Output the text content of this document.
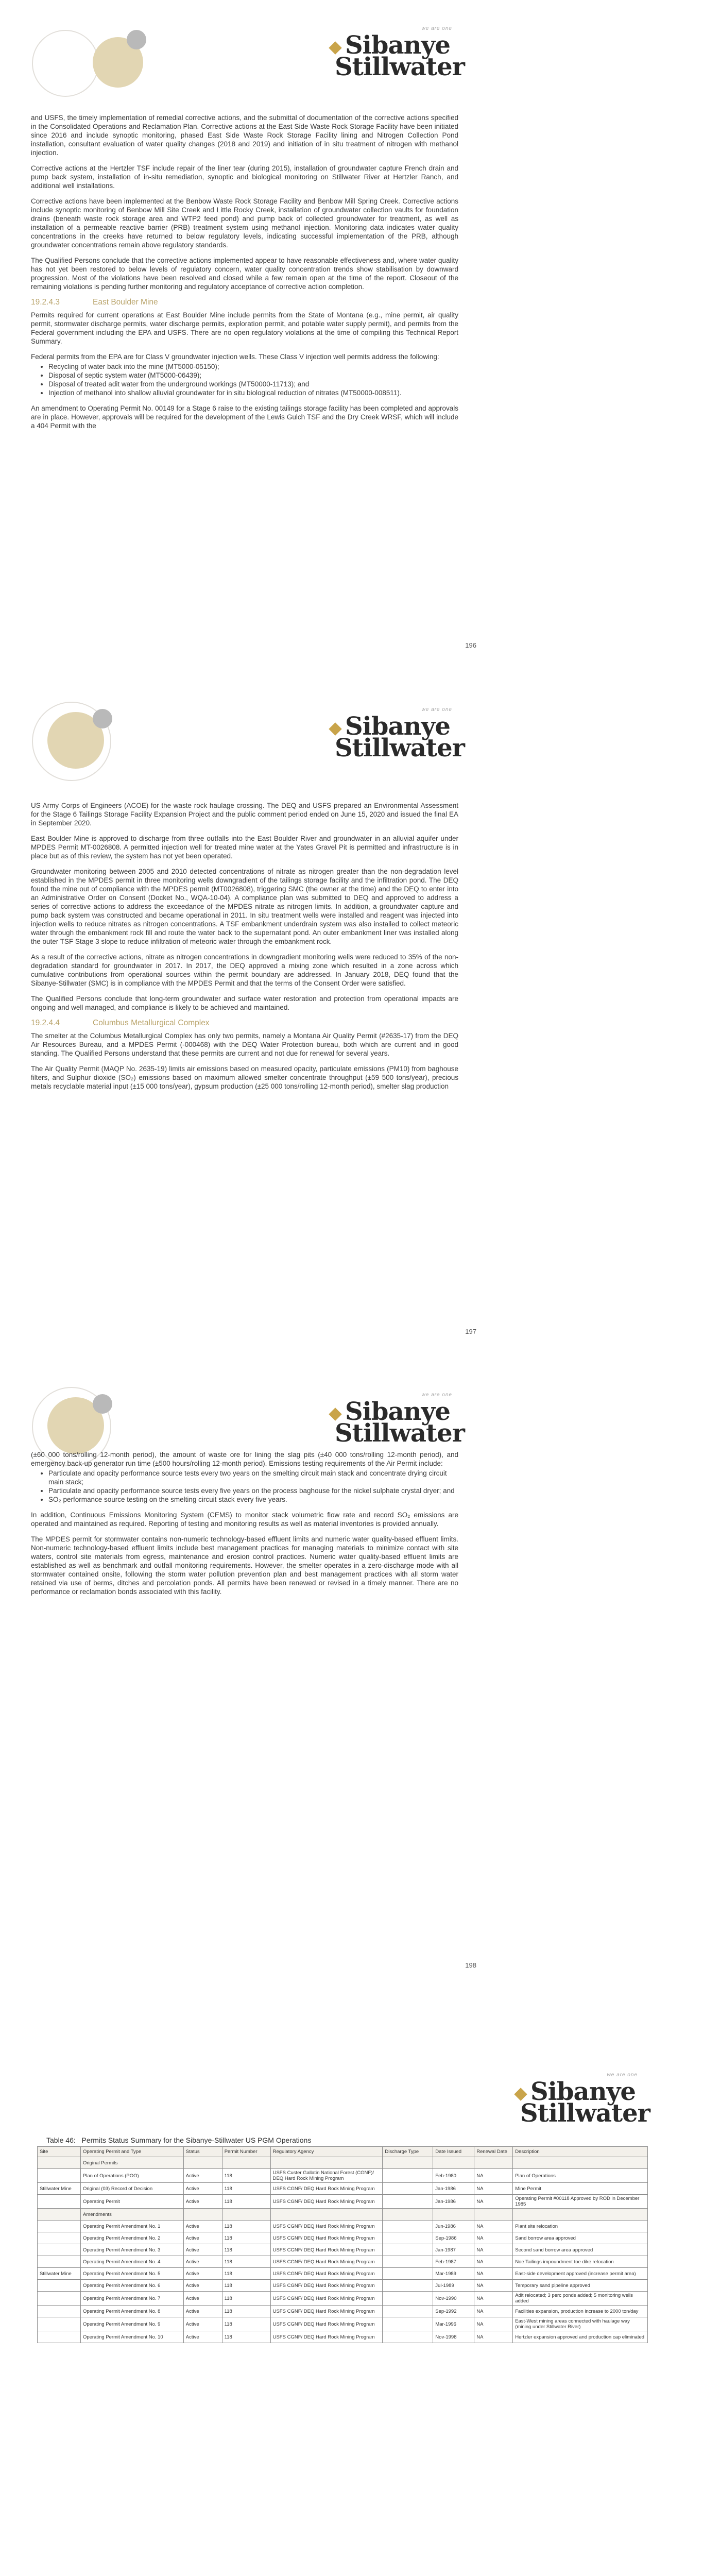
we are one
Sibanye
Stillwater

and USFS, the timely implementation of remedial corrective actions, and the submittal of documentation of the corrective actions specified in the Consolidated Operations and Reclamation Plan. Corrective actions at the East Side Waste Rock Storage Facility have been initiated since 2016 and include synoptic monitoring, phased East Side Waste Rock Storage Facility lining and Nitrogen Collection Pond installation, consultant evaluation of water quality changes (2018 and 2019) and initiation of in situ treatment of nitrogen with methanol injection.

Corrective actions at the Hertzler TSF include repair of the liner tear (during 2015), installation of groundwater capture French drain and pump back system, installation of in-situ remediation, synoptic and biological monitoring on Stillwater River at Hertzler Ranch, and additional well installations.

Corrective actions have been implemented at the Benbow Waste Rock Storage Facility and Benbow Mill Spring Creek. Corrective actions include synoptic monitoring of Benbow Mill Site Creek and Little Rocky Creek, installation of groundwater collection vaults for foundation drains (beneath waste rock storage area and WTP2 feed pond) and pump back of collected groundwater for treatment, as well as installation of a permeable reactive barrier (PRB) treatment system using methanol injection. Monitoring data indicates water quality concentrations in the creeks have returned to below regulatory levels, indicating successful implementation of the PRB, although groundwater concentrations remain above regulatory standards.

The Qualified Persons conclude that the corrective actions implemented appear to have reasonable effectiveness and, where water quality has not yet been restored to below levels of regulatory concern, water quality concentration trends show stabilisation by downward progression. Most of the violations have been resolved and closed while a few remain open at the time of the report. Closeout of the remaining violations is pending further monitoring and regulatory acceptance of corrective action completion.

19.2.4.3	East Boulder Mine

Permits required for current operations at East Boulder Mine include permits from the State of Montana (e.g., mine permit, air quality permit, stormwater discharge permits, water discharge permits, exploration permit, and potable water supply permit), and permits from the Federal government including the EPA and USFS. There are no open regulatory violations at the time of compiling this Technical Report Summary.

Federal permits from the EPA are for Class V groundwater injection wells. These Class V injection well permits address the following:

• Recycling of water back into the mine (MT5000-05150);
• Disposal of septic system water (MT5000-06439);
• Disposal of treated adit water from the underground workings (MT50000-11713); and
• Injection of methanol into shallow alluvial groundwater for in situ biological reduction of nitrates (MT50000-008511).

An amendment to Operating Permit No. 00149 for a Stage 6 raise to the existing tailings storage facility has been completed and approvals are in place. However, approvals will be required for the development of the Lewis Gulch TSF and the Dry Creek WRSF, which will include a 404 Permit with the

196
we are one
Sibanye
Stillwater

US Army Corps of Engineers (ACOE) for the waste rock haulage crossing. The DEQ and USFS prepared an Environmental Assessment for the Stage 6 Tailings Storage Facility Expansion Project and the public comment period ended on June 15, 2020 and issued the final EA in September 2020.

East Boulder Mine is approved to discharge from three outfalls into the East Boulder River and groundwater in an alluvial aquifer under MPDES Permit MT-0026808. A permitted injection well for treated mine water at the Yates Gravel Pit is permitted and infrastructure is in place but as of this review, the system has not yet been operated.

Groundwater monitoring between 2005 and 2010 detected concentrations of nitrate as nitrogen greater than the non-degradation level established in the MPDES permit in three monitoring wells downgradient of the tailings storage facility and the infiltration pond. The DEQ found the mine out of compliance with the MPDES permit (MT0026808), triggering SMC (the owner at the time) and the DEQ to enter into an Administrative Order on Consent (Docket No., WQA-10-04). A compliance plan was submitted to DEQ and approved to address a series of corrective actions to address the exceedance of the MPDES nitrate as nitrogen limits. In addition, a groundwater capture and pump back system was constructed and became operational in 2011. In situ treatment wells were installed and reagent was injected into injection wells to reduce nitrates as nitrogen concentrations. A TSF embankment underdrain system was also installed to collect meteoric water through the embankment rock fill and route the water back to the supernatant pond. An outer embankment liner was installed along the outer TSF Stage 3 slope to reduce infiltration of meteoric water through the embankment rock.

As a result of the corrective actions, nitrate as nitrogen concentrations in downgradient monitoring wells were reduced to 35% of the non-degradation standard for groundwater in 2017. In 2017, the DEQ approved a mixing zone which resulted in a zone across which cumulative contributions from operational sources within the permit boundary are addressed. In January 2018, DEQ found that the Sibanye-Stillwater (SMC) is in compliance with the MPDES Permit and that the terms of the Consent Order were satisfied.

The Qualified Persons conclude that long-term groundwater and surface water restoration and protection from operational impacts are ongoing and well managed, and compliance is likely to be achieved and maintained.

19.2.4.4	Columbus Metallurgical Complex

The smelter at the Columbus Metallurgical Complex has only two permits, namely a Montana Air Quality Permit (#2635-17) from the DEQ Air Resources Bureau, and a MPDES Permit (-000468) with the DEQ Water Protection bureau, both which are current and in good standing. The Qualified Persons understand that these permits are current and not due for renewal for several years.

The Air Quality Permit (MAQP No. 2635-19) limits air emissions based on measured opacity, particulate emissions (PM10) from baghouse filters, and Sulphur dioxide (SO₂) emissions based on maximum allowed smelter concentrate throughput (±59 500 tons/year), precious metals recyclable material input (±15 000 tons/year), gypsum production (±25 000 tons/rolling 12-month period), smelter slag production

197
we are one
Sibanye
Stillwater

(±60 000 tons/rolling 12-month period), the amount of waste ore for lining the slag pits (±40 000 tons/rolling 12-month period), and emergency back-up generator run time (±500 hours/rolling 12-month period). Emissions testing requirements of the Air Permit include:

• Particulate and opacity performance source tests every two years on the smelting circuit main stack and concentrate drying circuit main stack;
• Particulate and opacity performance source tests every five years on the process baghouse for the nickel sulphate crystal dryer; and
• SO₂ performance source testing on the smelting circuit stack every five years.

In addition, Continuous Emissions Monitoring System (CEMS) to monitor stack volumetric flow rate and record SO₂ emissions are operated and maintained as required. Reporting of testing and monitoring results as well as material inventories is provided annually.

The MPDES permit for stormwater contains non-numeric technology-based effluent limits and numeric water quality-based effluent limits. Non-numeric technology-based effluent limits include best management practices for managing materials to minimize contact with site waters, control site materials from egress, maintenance and erosion control practices. Numeric water quality-based effluent limits are established as well as benchmark and outfall monitoring requirements. However, the smelter operates in a zero-discharge mode with all stormwater contained onsite, following the storm water pollution prevention plan and best management practices with all storm water retained via use of berms, ditches and percolation ponds. All permits have been renewed or revised in a timely manner. There are no performance or reclamation bonds associated with this facility.

198
we are one
Sibanye
Stillwater
Table 46: Permits Status Summary for the Sibanye-Stillwater US PGM Operations
Site	Operating Permit and Type	Status	Permit Number	Regulatory Agency	Discharge Type	Date Issued	Renewal Date	Description
	Original Permits							
	Plan of Operations (POO)	Active	118	USFS Custer Gallatin National Forest (CGNF)/ DEQ Hard Rock Mining Program		Feb-1980	NA	Plan of Operations
Stillwater Mine	Original (03) Record of Decision	Active	118	USFS CGNF/ DEQ Hard Rock Mining Program		Jan-1986	NA	Mine Permit
	Operating Permit	Active	118	USFS CGNF/ DEQ Hard Rock Mining Program		Jan-1986	NA	Operating Permit #00118 Approved by ROD in December 1985
	Amendments							
	Operating Permit Amendment No. 1	Active	118	USFS CGNF/ DEQ Hard Rock Mining Program		Jun-1986	NA	Plant site relocation
	Operating Permit Amendment No. 2	Active	118	USFS CGNF/ DEQ Hard Rock Mining Program		Sep-1986	NA	Sand borrow area approved
	Operating Permit Amendment No. 3	Active	118	USFS CGNF/ DEQ Hard Rock Mining Program		Jan-1987	NA	Second sand borrow area approved
	Operating Permit Amendment No. 4	Active	118	USFS CGNF/ DEQ Hard Rock Mining Program		Feb-1987	NA	Noe Tailings impoundment toe dike relocation
Stillwater Mine	Operating Permit Amendment No. 5	Active	118	USFS CGNF/ DEQ Hard Rock Mining Program		Mar-1989	NA	East-side development approved (increase permit area)
	Operating Permit Amendment No. 6	Active	118	USFS CGNF/ DEQ Hard Rock Mining Program		Jul-1989	NA	Temporary sand pipeline approved
	Operating Permit Amendment No. 7	Active	118	USFS CGNF/ DEQ Hard Rock Mining Program		Nov-1990	NA	Adit relocated; 3 perc ponds added; 5 monitoring wells added
	Operating Permit Amendment No. 8	Active	118	USFS CGNF/ DEQ Hard Rock Mining Program		Sep-1992	NA	Facilities expansion, production increase to 2000 ton/day
	Operating Permit Amendment No. 9	Active	118	USFS CGNF/ DEQ Hard Rock Mining Program		Mar-1996	NA	East-West mining areas connected with haulage way (mining under Stillwater River)
	Operating Permit Amendment No. 10	Active	118	USFS CGNF/ DEQ Hard Rock Mining Program		Nov-1998	NA	Hertzler expansion approved and production cap eliminated
